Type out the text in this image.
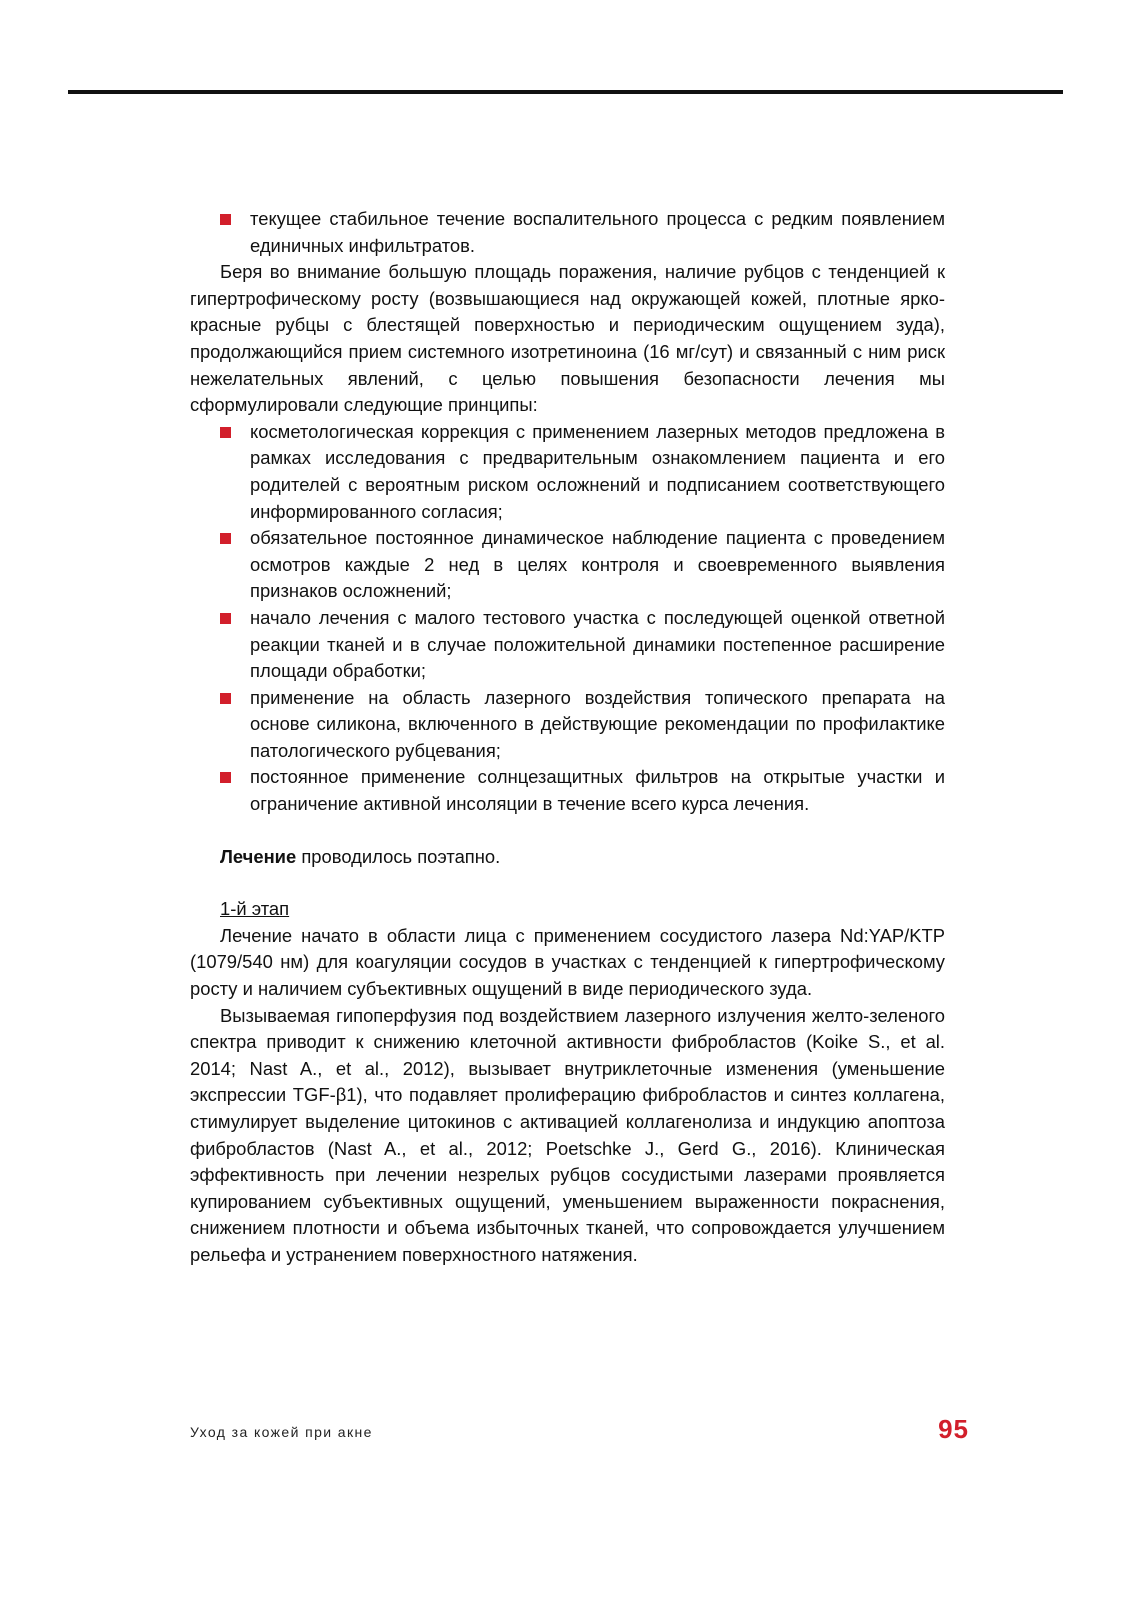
текущее стабильное течение воспалительного процесса с редким появлением единичных инфильтратов.

Беря во внимание большую площадь поражения, наличие рубцов с тенденцией к гипертрофическому росту (возвышающиеся над окружающей кожей, плотные ярко-красные рубцы с блестящей поверхностью и периодическим ощущением зуда), продолжающийся прием системного изотретиноина (16 мг/сут) и связанный с ним риск нежелательных явлений, с целью повышения безопасности лечения мы сформулировали следующие принципы:

косметологическая коррекция с применением лазерных методов предложена в рамках исследования с предварительным ознакомлением пациента и его родителей с вероятным риском осложнений и подписанием соответствующего информированного согласия;
обязательное постоянное динамическое наблюдение пациента с проведением осмотров каждые 2 нед в целях контроля и своевременного выявления признаков осложнений;
начало лечения с малого тестового участка с последующей оценкой ответной реакции тканей и в случае положительной динамики постепенное расширение площади обработки;
применение на область лазерного воздействия топического препарата на основе силикона, включенного в действующие рекомендации по профилактике патологического рубцевания;
постоянное применение солнцезащитных фильтров на открытые участки и ограничение активной инсоляции в течение всего курса лечения.

Лечение проводилось поэтапно.

1-й этап

Лечение начато в области лица с применением сосудистого лазера Nd:YAP/KTP (1079/540 нм) для коагуляции сосудов в участках с тенденцией к гипертрофическому росту и наличием субъективных ощущений в виде периодического зуда.

Вызываемая гипоперфузия под воздействием лазерного излучения желто-зеленого спектра приводит к снижению клеточной активности фибробластов (Koike S., et al. 2014; Nast A., et al., 2012), вызывает внутриклеточные изменения (уменьшение экспрессии TGF-β1), что подавляет пролиферацию фибробластов и синтез коллагена, стимулирует выделение цитокинов с активацией коллагенолиза и индукцию апоптоза фибробластов (Nast A., et al., 2012; Poetschke J., Gerd G., 2016). Клиническая эффективность при лечении незрелых рубцов сосудистыми лазерами проявляется купированием субъективных ощущений, уменьшением выраженности покраснения, снижением плотности и объема избыточных тканей, что сопровождается улучшением рельефа и устранением поверхностного натяжения.

Уход за кожей при акне	95
